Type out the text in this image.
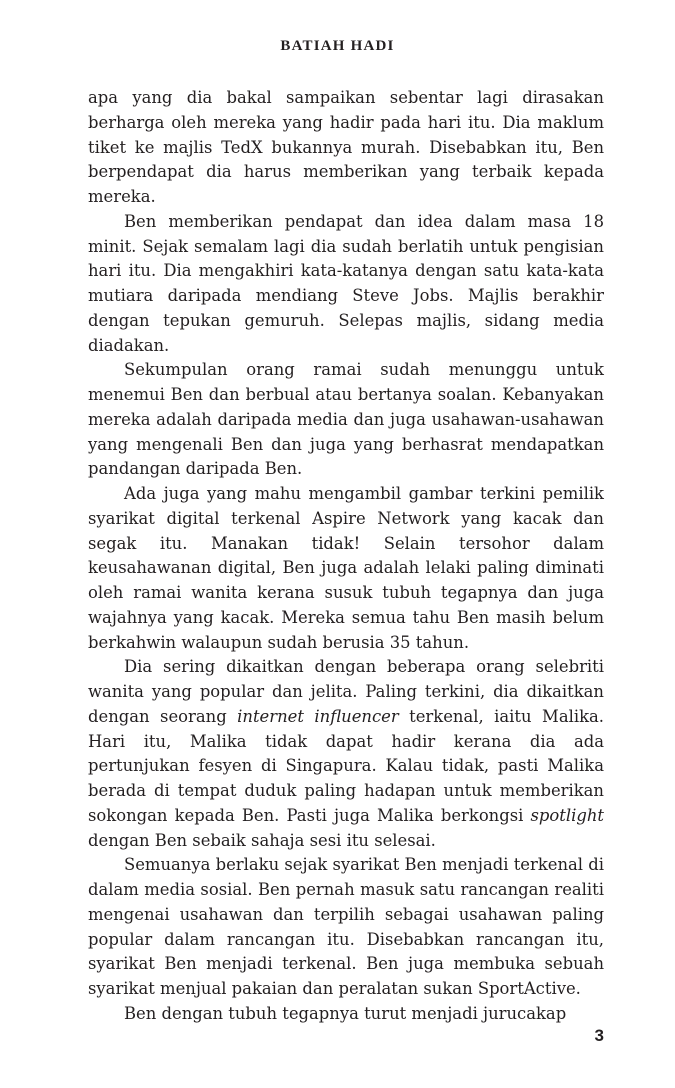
BATIAH HADI

apa yang dia bakal sampaikan sebentar lagi dirasakan berharga oleh mereka yang hadir pada hari itu. Dia maklum tiket ke majlis TedX bukannya murah. Disebabkan itu, Ben berpendapat dia harus memberikan yang terbaik kepada mereka.

Ben memberikan pendapat dan idea dalam masa 18 minit. Sejak semalam lagi dia sudah berlatih untuk pengisian hari itu. Dia mengakhiri kata-katanya dengan satu kata-kata mutiara daripada mendiang Steve Jobs. Majlis berakhir dengan tepukan gemuruh. Selepas majlis, sidang media diadakan.

Sekumpulan orang ramai sudah menunggu untuk menemui Ben dan berbual atau bertanya soalan. Kebanyakan mereka adalah daripada media dan juga usahawan-usahawan yang mengenali Ben dan juga yang berhasrat mendapatkan pandangan daripada Ben.

Ada juga yang mahu mengambil gambar terkini pemilik syarikat digital terkenal Aspire Network yang kacak dan segak itu. Manakan tidak! Selain tersohor dalam keusahawanan digital, Ben juga adalah lelaki paling diminati oleh ramai wanita kerana susuk tubuh tegapnya dan juga wajahnya yang kacak. Mereka semua tahu Ben masih belum berkahwin walaupun sudah berusia 35 tahun.

Dia sering dikaitkan dengan beberapa orang selebriti wanita yang popular dan jelita. Paling terkini, dia dikaitkan dengan seorang internet influencer terkenal, iaitu Malika. Hari itu, Malika tidak dapat hadir kerana dia ada pertunjukan fesyen di Singapura. Kalau tidak, pasti Malika berada di tempat duduk paling hadapan untuk memberikan sokongan kepada Ben. Pasti juga Malika berkongsi spotlight dengan Ben sebaik sahaja sesi itu selesai.

Semuanya berlaku sejak syarikat Ben menjadi terkenal di dalam media sosial. Ben pernah masuk satu rancangan realiti mengenai usahawan dan terpilih sebagai usahawan paling popular dalam rancangan itu. Disebabkan rancangan itu, syarikat Ben menjadi terkenal. Ben juga membuka sebuah syarikat menjual pakaian dan peralatan sukan SportActive.

Ben dengan tubuh tegapnya turut menjadi jurucakap

3
